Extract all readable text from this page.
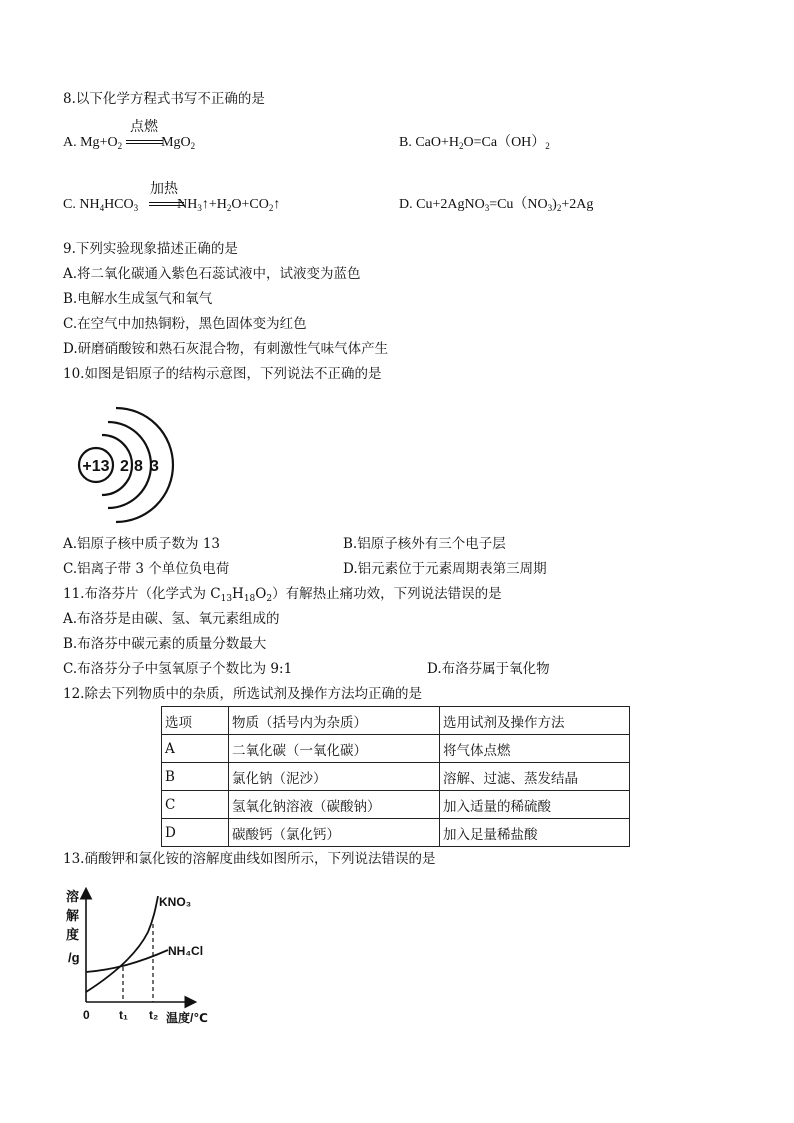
8.以下化学方程式书写不正确的是
A. $Mg+O_2$	MgO$_2$
点燃
B. $CaO+H_2O=Ca(OH)_2$
C. $NH_4HCO_3$	$NH_3↑+H_2O+CO_2↑$
加热
D. $Cu+2AgNO_3=Cu(NO_3)_2+2Ag$
9.下列实验现象描述正确的是
A.将二氧化碳通入紫色石蕊试液中，试液变为蓝色
B.电解水生成氢气和氧气
C.在空气中加热铜粉，黑色固体变为红色
D.研磨硝酸铵和熟石灰混合物，有刺激性气味气体产生
10.如图是铝原子的结构示意图，下列说法不正确的是
+13 2 8 3
A.铝原子核中质子数为 13	B.铝原子核外有三个电子层
C.铝离子带 3 个单位负电荷	D.铝元素位于元素周期表第三周期
11.布洛芬片（化学式为 $C_{13}H_{18}O_2$）有解热止痛功效，下列说法错误的是
A.布洛芬是由碳、氢、氧元素组成的
B.布洛芬中碳元素的质量分数最大
C.布洛芬分子中氢氧原子个数比为 9:1	D.布洛芬属于氧化物
12.除去下列物质中的杂质，所选试剂及操作方法均正确的是
选项	物质（括号内为杂质）	选用试剂及操作方法
A	二氧化碳（一氧化碳）	将气体点燃
B	氯化钠（泥沙）	溶解、过滤、蒸发结晶
C	氢氧化钠溶液（碳酸钠）	加入适量的稀硫酸
D	碳酸钙（氯化钙）	加入足量稀盐酸
13.硝酸钾和氯化铵的溶解度曲线如图所示，下列说法错误的是
溶
解
度
/g
KNO₃
NH₄Cl
0 t₁ t₂ 温度/℃
